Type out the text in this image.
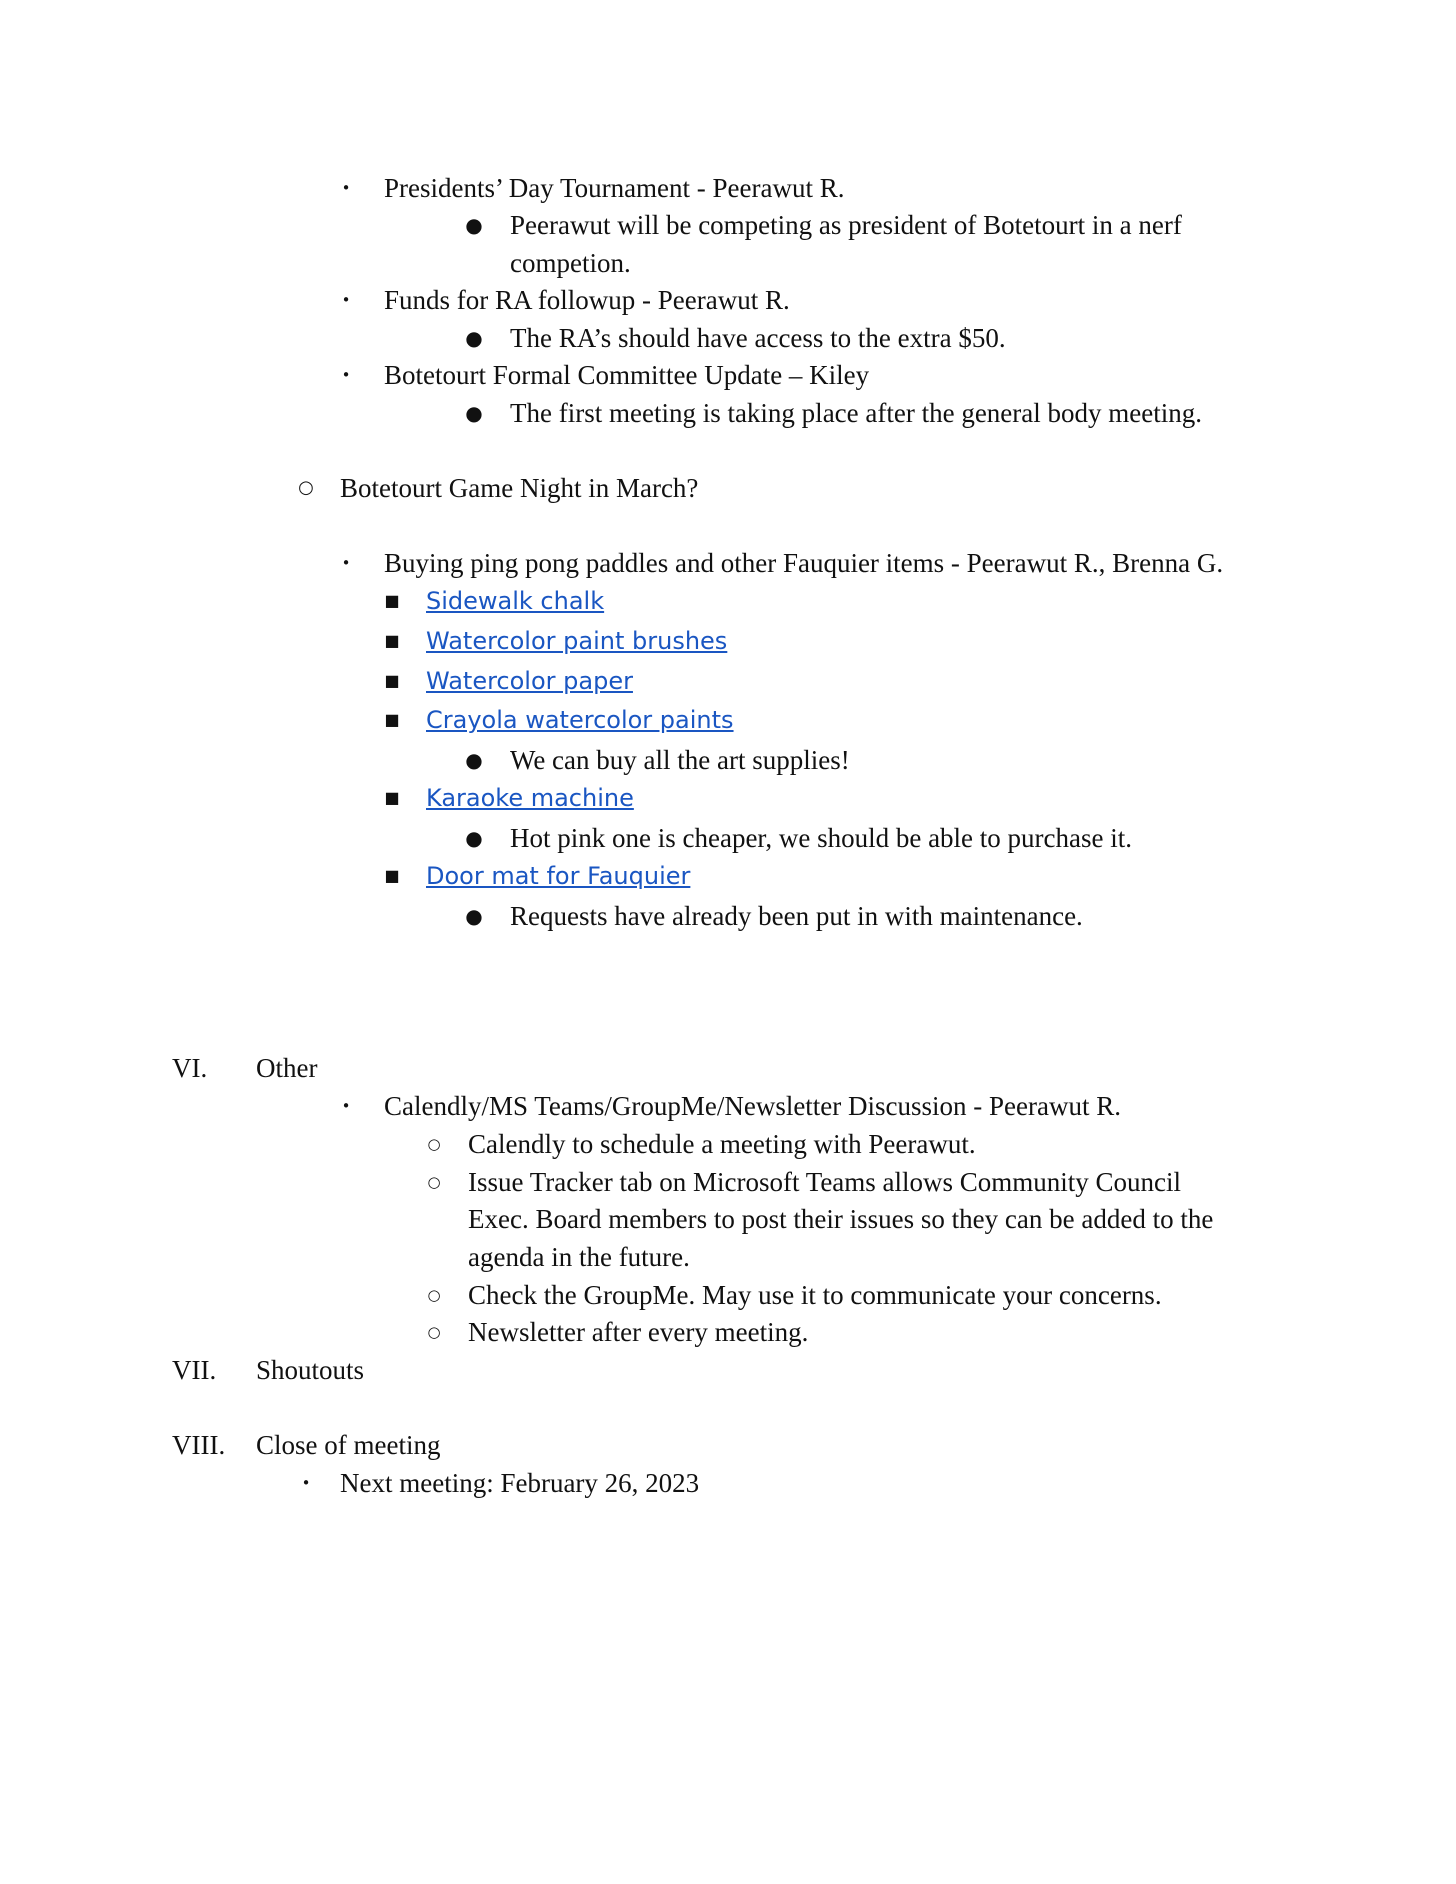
• Presidents’ Day Tournament - Peerawut R.
● Peerawut will be competing as president of Botetourt in a nerf
competion.
• Funds for RA followup - Peerawut R.
● The RA’s should have access to the extra $50.
• Botetourt Formal Committee Update – Kiley
● The first meeting is taking place after the general body meeting.
○ Botetourt Game Night in March?
• Buying ping pong paddles and other Fauquier items - Peerawut R., Brenna G.
■ Sidewalk chalk
■ Watercolor paint brushes
■ Watercolor paper
■ Crayola watercolor paints
● We can buy all the art supplies!
■ Karaoke machine
● Hot pink one is cheaper, we should be able to purchase it.
■ Door mat for Fauquier
● Requests have already been put in with maintenance.
VI. Other
• Calendly/MS Teams/GroupMe/Newsletter Discussion - Peerawut R.
○ Calendly to schedule a meeting with Peerawut.
○ Issue Tracker tab on Microsoft Teams allows Community Council
Exec. Board members to post their issues so they can be added to the
agenda in the future.
○ Check the GroupMe. May use it to communicate your concerns.
○ Newsletter after every meeting.
VII. Shoutouts
VIII. Close of meeting
• Next meeting: February 26, 2023
